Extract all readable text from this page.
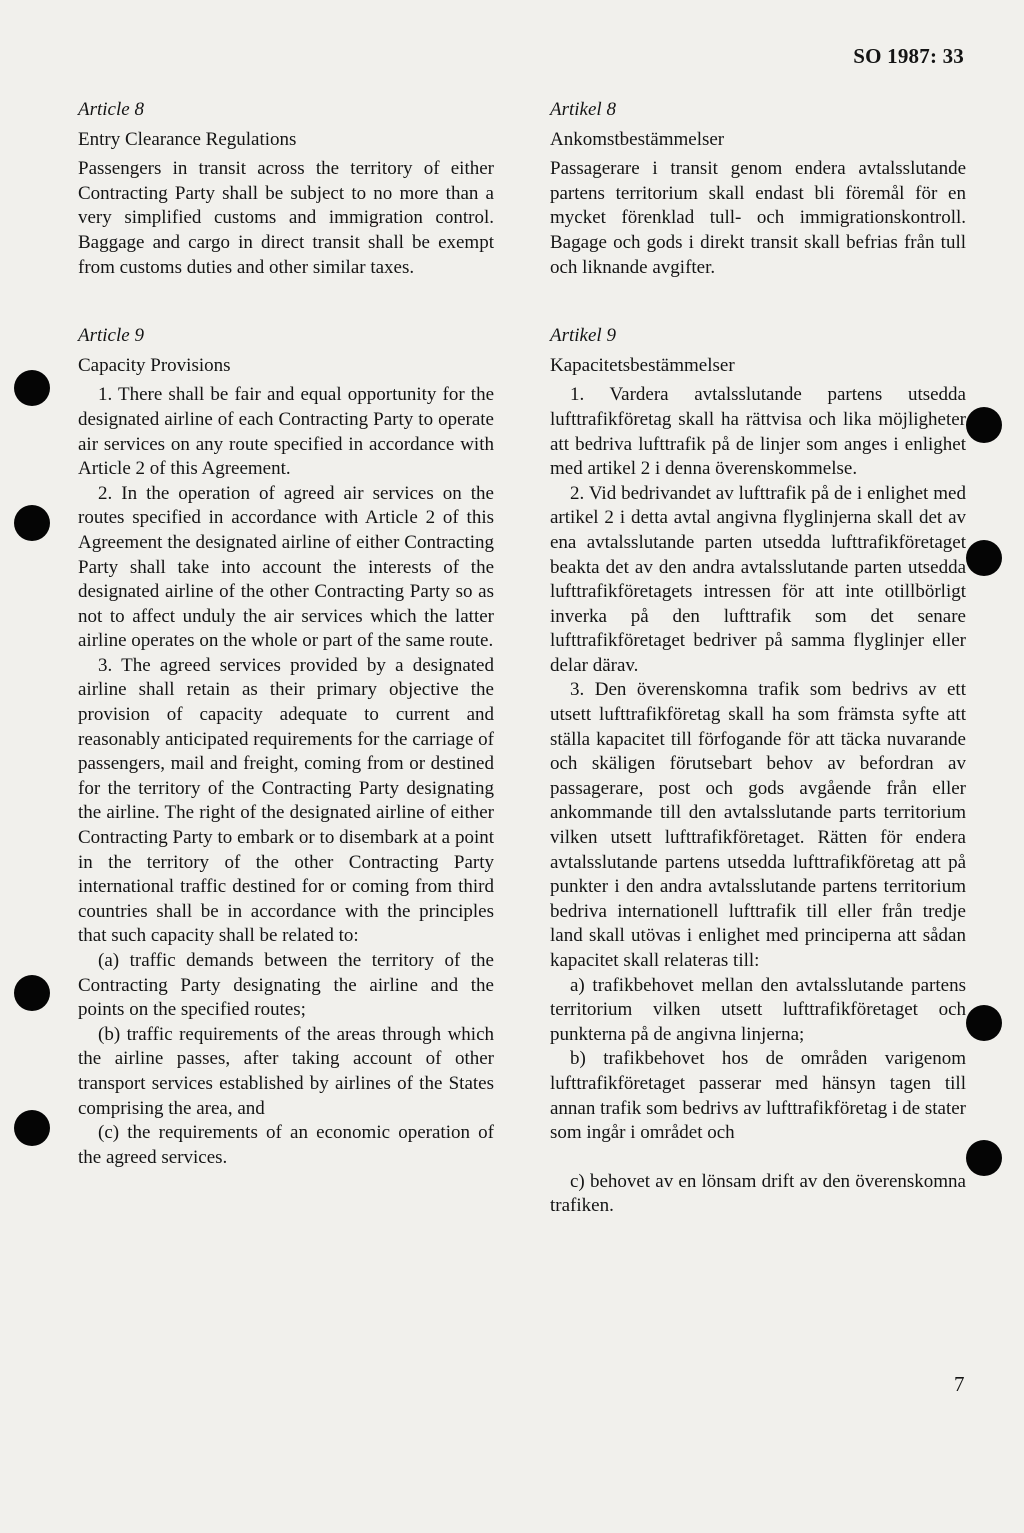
SO 1987: 33

Article 8

Entry Clearance Regulations

Passengers in transit across the territory of either Contracting Party shall be subject to no more than a very simplified customs and immigration control. Baggage and cargo in direct transit shall be exempt from customs duties and other similar taxes.

Article 9

Capacity Provisions

1. There shall be fair and equal opportunity for the designated airline of each Contracting Party to operate air services on any route specified in accordance with Article 2 of this Agreement.

2. In the operation of agreed air services on the routes specified in accordance with Article 2 of this Agreement the designated airline of either Contracting Party shall take into account the interests of the designated airline of the other Contracting Party so as not to affect unduly the air services which the latter airline operates on the whole or part of the same route.

3. The agreed services provided by a designated airline shall retain as their primary objective the provision of capacity adequate to current and reasonably anticipated requirements for the carriage of passengers, mail and freight, coming from or destined for the territory of the Contracting Party designating the airline. The right of the designated airline of either Contracting Party to embark or to disembark at a point in the territory of the other Contracting Party international traffic destined for or coming from third countries shall be in accordance with the principles that such capacity shall be related to:

(a) traffic demands between the territory of the Contracting Party designating the airline and the points on the specified routes;

(b) traffic requirements of the areas through which the airline passes, after taking account of other transport services established by airlines of the States comprising the area, and

(c) the requirements of an economic operation of the agreed services.

Artikel 8

Ankomstbestämmelser

Passagerare i transit genom endera avtalsslutande partens territorium skall endast bli föremål för en mycket förenklad tull- och immigrationskontroll. Bagage och gods i direkt transit skall befrias från tull och liknande avgifter.

Artikel 9

Kapacitetsbestämmelser

1. Vardera avtalsslutande partens utsedda lufttrafikföretag skall ha rättvisa och lika möjligheter att bedriva lufttrafik på de linjer som anges i enlighet med artikel 2 i denna överenskommelse.

2. Vid bedrivandet av lufttrafik på de i enlighet med artikel 2 i detta avtal angivna flyglinjerna skall det av ena avtalsslutande parten utsedda lufttrafikföretaget beakta det av den andra avtalsslutande parten utsedda lufttrafikföretagets intressen för att inte otillbörligt inverka på den lufttrafik som det senare lufttrafikföretaget bedriver på samma flyglinjer eller delar därav.

3. Den överenskomna trafik som bedrivs av ett utsett lufttrafikföretag skall ha som främsta syfte att ställa kapacitet till förfogande för att täcka nuvarande och skäligen förutsebart behov av befordran av passagerare, post och gods avgående från eller ankommande till den avtalsslutande parts territorium vilken utsett lufttrafikföretaget. Rätten för endera avtalsslutande partens utsedda lufttrafikföretag att på punkter i den andra avtalsslutande partens territorium bedriva internationell lufttrafik till eller från tredje land skall utövas i enlighet med principerna att sådan kapacitet skall relateras till:

a) trafikbehovet mellan den avtalsslutande partens territorium vilken utsett lufttrafikföretaget och punkterna på de angivna linjerna;

b) trafikbehovet hos de områden varigenom lufttrafikföretaget passerar med hänsyn tagen till annan trafik som bedrivs av lufttrafikföretag i de stater som ingår i området och

c) behovet av en lönsam drift av den överenskomna trafiken.

7
